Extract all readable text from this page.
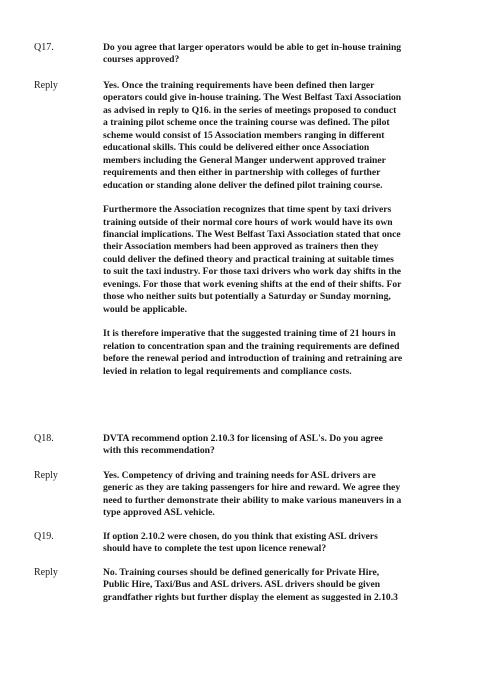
Q17.	Do you agree that larger operators would be able to get in-house training courses approved?

Reply	Yes. Once the training requirements have been defined then larger operators could give in-house training. The West Belfast Taxi Association as advised in reply to Q16. in the series of meetings proposed to conduct a training pilot scheme once the training course was defined. The pilot scheme would consist of 15 Association members ranging in different educational skills. This could be delivered either once Association members including the General Manger underwent approved trainer requirements and then either in partnership with colleges of further education or standing alone deliver the defined pilot training course.

Furthermore the Association recognizes that time spent by taxi drivers training outside of their normal core hours of work would have its own financial implications. The West Belfast Taxi Association stated that once their Association members had been approved as trainers then they could deliver the defined theory and practical training at suitable times to suit the taxi industry. For those taxi drivers who work day shifts in the evenings. For those that work evening shifts at the end of their shifts. For those who neither suits but potentially a Saturday or Sunday morning, would be applicable.

It is therefore imperative that the suggested training time of 21 hours in relation to concentration span and the training requirements are defined before the renewal period and introduction of training and retraining are levied in relation to legal requirements and compliance costs.

Q18.	DVTA recommend option 2.10.3 for licensing of ASL's. Do you agree with this recommendation?

Reply	Yes. Competency of driving and training needs for ASL drivers are generic as they are taking passengers for hire and reward. We agree they need to further demonstrate their ability to make various maneuvers in a type approved ASL vehicle.

Q19.	If option 2.10.2 were chosen, do you think that existing ASL drivers should have to complete the test upon licence renewal?

Reply	No. Training courses should be defined generically for Private Hire, Public Hire, Taxi/Bus and ASL drivers. ASL drivers should be given grandfather rights but further display the element as suggested in 2.10.3
